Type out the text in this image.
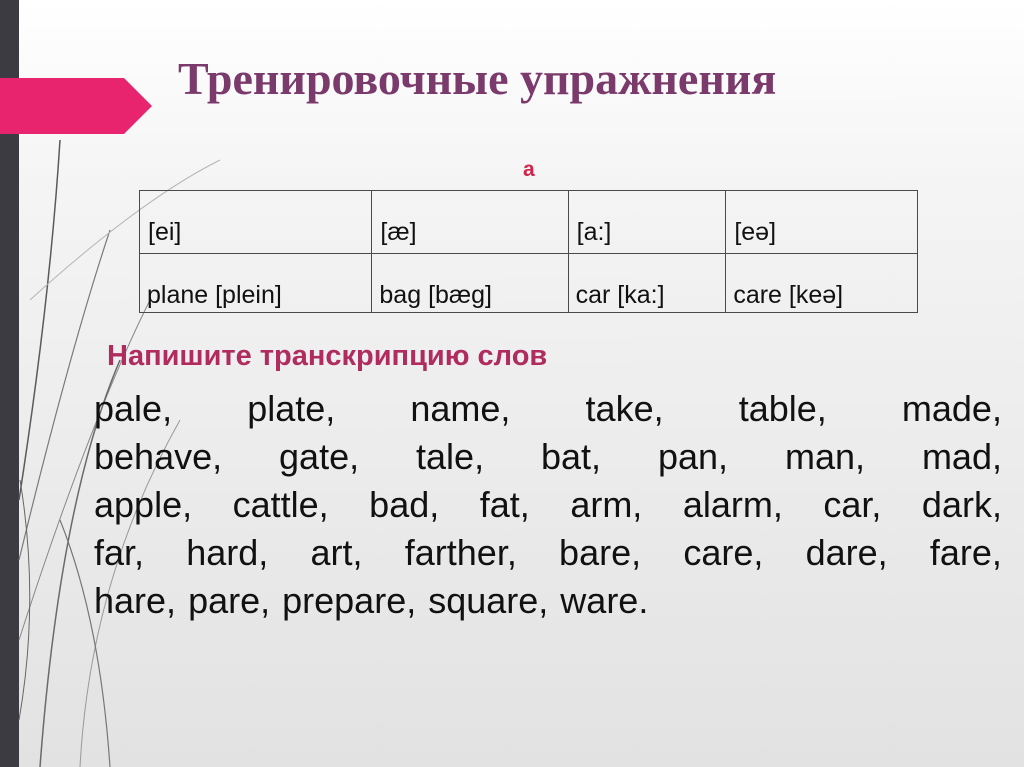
Тренировочные упражнения
a
[ei]	[æ]	[a:]	[eə]
plane [plein]	bag [bæg]	car [ka:]	care [keə]
Напишите транскрипцию слов
pale, plate, name, take, table, made,
behave, gate, tale, bat, pan, man, mad,
apple, cattle, bad, fat, arm, alarm, car, dark,
far, hard, art, farther, bare, care, dare, fare,
hare, pare, prepare, square, ware.
